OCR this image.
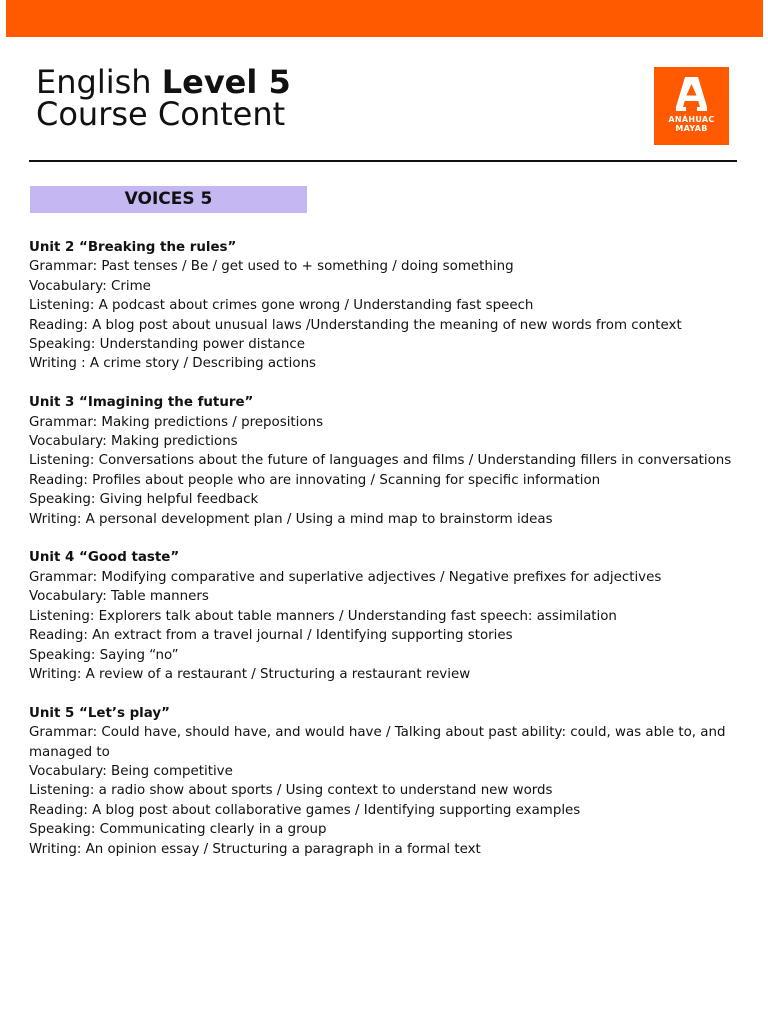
English Level 5
Course Content	ANÁHUAC
MAYAB
VOICES 5
Unit 2 “Breaking the rules”
Grammar: Past tenses / Be / get used to + something / doing something
Vocabulary: Crime
Listening: A podcast about crimes gone wrong / Understanding fast speech
Reading: A blog post about unusual laws /Understanding the meaning of new words from context
Speaking: Understanding power distance
Writing : A crime story / Describing actions
Unit 3 “Imagining the future”
Grammar: Making predictions / prepositions
Vocabulary: Making predictions
Listening: Conversations about the future of languages and films / Understanding fillers in conversations
Reading: Profiles about people who are innovating / Scanning for specific information
Speaking: Giving helpful feedback
Writing: A personal development plan / Using a mind map to brainstorm ideas
Unit 4 “Good taste”
Grammar: Modifying comparative and superlative adjectives / Negative prefixes for adjectives
Vocabulary: Table manners
Listening: Explorers talk about table manners / Understanding fast speech: assimilation
Reading: An extract from a travel journal / Identifying supporting stories
Speaking: Saying “no”
Writing: A review of a restaurant / Structuring a restaurant review
Unit 5 “Let’s play”
Grammar: Could have, should have, and would have / Talking about past ability: could, was able to, and managed to
Vocabulary: Being competitive
Listening: a radio show about sports / Using context to understand new words
Reading: A blog post about collaborative games / Identifying supporting examples
Speaking: Communicating clearly in a group
Writing: An opinion essay / Structuring a paragraph in a formal text
